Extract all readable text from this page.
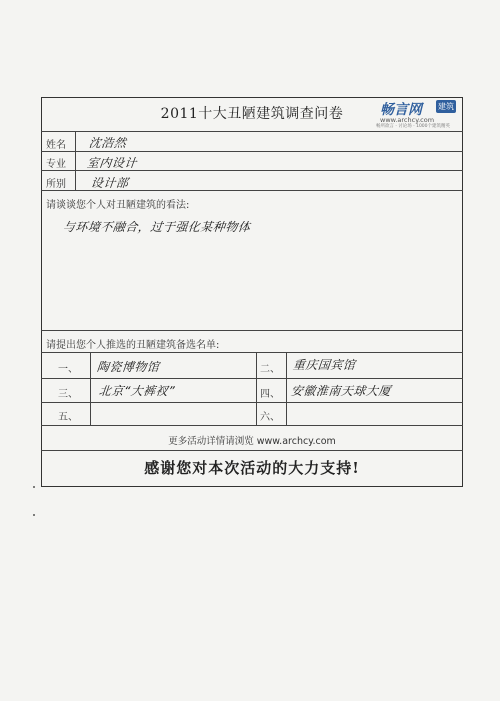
2011十大丑陋建筑调查问卷	畅言网 建筑
www.archcy.com
畅所欲言 · 讨论场 · 1000个建筑精英
姓名 沈浩然
专业 室内设计
所别 设计部
请谈谈您个人对丑陋建筑的看法:
与环境不融合，过于强化某种物体
请提出您个人推选的丑陋建筑备选名单:
一、 陶瓷博物馆	二、 重庆国宾馆
三、 北京“大裤衩”	四、 安徽淮南天球大厦
五、	六、
更多活动详情请浏览 www.archcy.com
感谢您对本次活动的大力支持!
